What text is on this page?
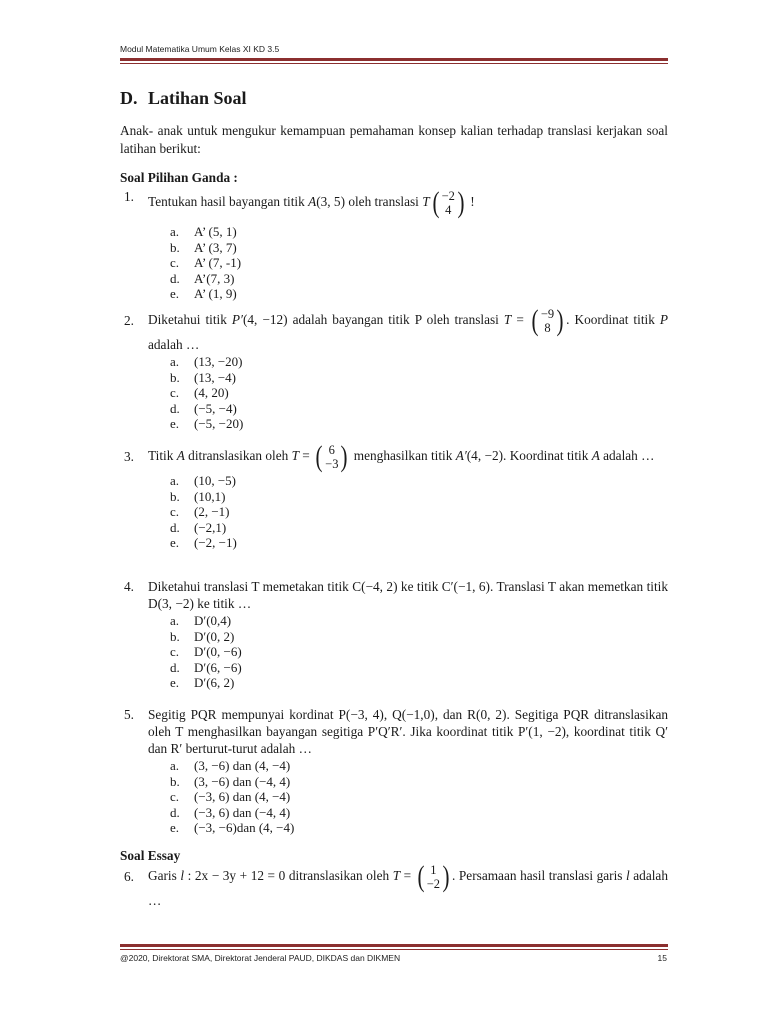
Modul Matematika Umum Kelas XI KD 3.5
D. Latihan Soal
Anak- anak untuk mengukur kemampuan pemahaman konsep kalian terhadap translasi kerjakan soal latihan berikut:
Soal Pilihan Ganda :
1. Tentukan hasil bayangan titik A(3, 5) oleh translasi T ( −2
4 ) !
a. A’ (5, 1)
b. A’ (3, 7)
c. A’ (7, -1)
d. A’(7, 3)
e. A’ (1, 9)
2. Diketahui titik P′(4, −12) adalah bayangan titik P oleh translasi T = ( −9
8 ) . Koordinat titik P adalah …
a. (13, −20)
b. (13, −4)
c. (4, 20)
d. (−5, −4)
e. (−5, −20)
3. Titik A ditranslasikan oleh T = ( 6
−3 ) menghasilkan titik A′(4, −2). Koordinat titik A adalah …
a. (10, −5)
b. (10,1)
c. (2, −1)
d. (−2,1)
e. (−2, −1)
4. Diketahui translasi T memetakan titik C(−4, 2) ke titik C′(−1, 6). Translasi T akan memetkan titik D(3, −2) ke titik …
a. D′(0,4)
b. D′(0, 2)
c. D′(0, −6)
d. D′(6, −6)
e. D′(6, 2)
5. Segitig PQR mempunyai kordinat P(−3, 4), Q(−1,0), dan R(0, 2). Segitiga PQR ditranslasikan oleh T menghasilkan bayangan segitiga P′Q′R′. Jika koordinat titik P′(1, −2), koordinat titik Q′ dan R′ berturut-turut adalah …
a. (3, −6) dan (4, −4)
b. (3, −6) dan (−4, 4)
c. (−3, 6) dan (4, −4)
d. (−3, 6) dan (−4, 4)
e. (−3, −6)dan (4, −4)
Soal Essay
6. Garis l : 2x − 3y + 12 = 0 ditranslasikan oleh T = ( 1
−2 ) . Persamaan hasil translasi garis l adalah …
@2020, Direktorat SMA, Direktorat Jenderal PAUD, DIKDAS dan DIKMEN	15
